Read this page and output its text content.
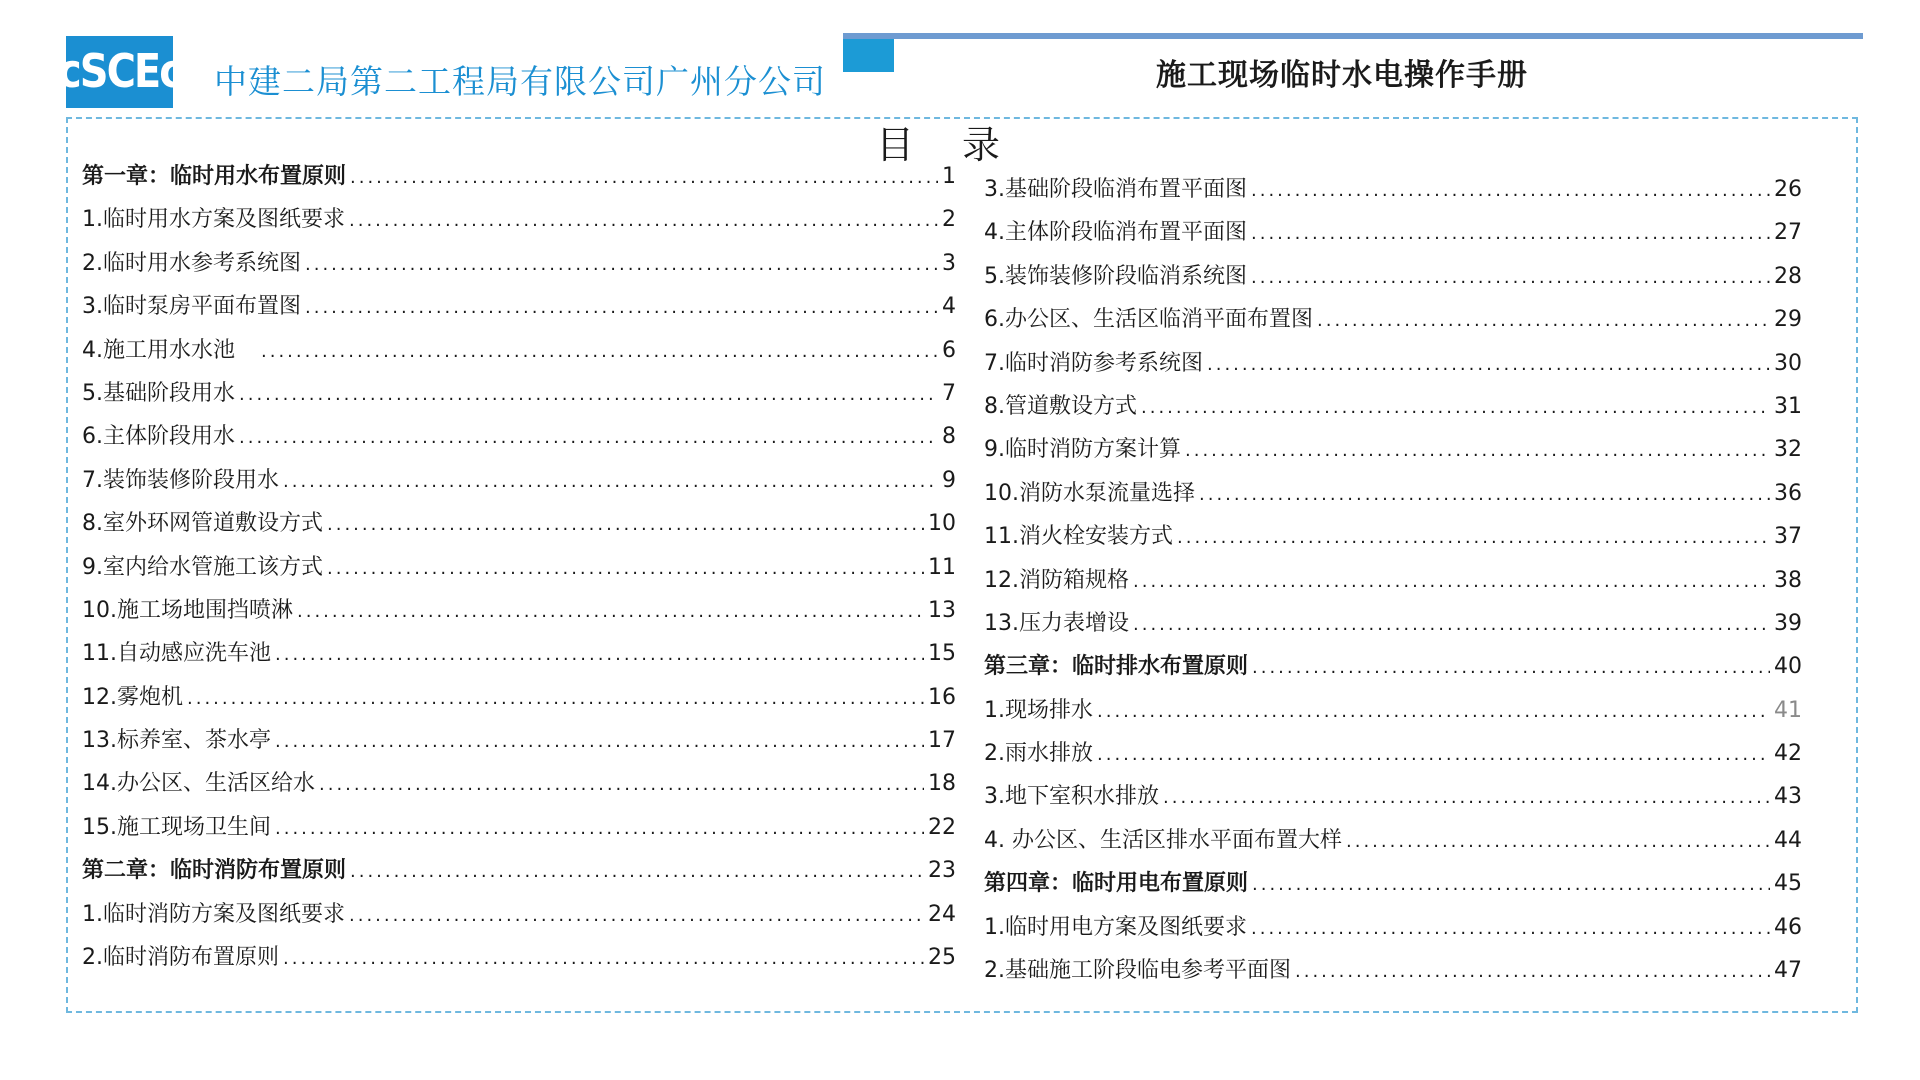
cSCEc 中建二局第二工程局有限公司广州分公司	施工现场临时水电操作手册
目录
第一章：临时用水布置原则 .....	1
1.临时用水方案及图纸要求 .....	2
2.临时用水参考系统图 .....	3
3.临时泵房平面布置图 .....	4
4.施工用水水池　 .....	6
5.基础阶段用水 .....	7
6.主体阶段用水 .....	8
7.装饰装修阶段用水 .....	9
8.室外环网管道敷设方式 .....	10
9.室内给水管施工该方式 .....	11
10.施工场地围挡喷淋 .....	13
11.自动感应洗车池 .....	15
12.雾炮机 .....	16
13.标养室、茶水亭 .....	17
14.办公区、生活区给水 .....	18
15.施工现场卫生间 .....	22
第二章：临时消防布置原则 .....	23
1.临时消防方案及图纸要求 .....	24
2.临时消防布置原则 .....	25
3.基础阶段临消布置平面图 .....	26
4.主体阶段临消布置平面图 .....	27
5.装饰装修阶段临消系统图 .....	28
6.办公区、生活区临消平面布置图 .....	29
7.临时消防参考系统图 .....	30
8.管道敷设方式 .....	31
9.临时消防方案计算 .....	32
10.消防水泵流量选择 .....	36
11.消火栓安装方式 .....	37
12.消防箱规格 .....	38
13.压力表增设 .....	39
第三章：临时排水布置原则 .....	40
1.现场排水 .....	41
2.雨水排放 .....	42
3.地下室积水排放 .....	43
4. 办公区、生活区排水平面布置大样 .....	44
第四章：临时用电布置原则 .....	45
1.临时用电方案及图纸要求 .....	46
2.基础施工阶段临电参考平面图 .....	47
